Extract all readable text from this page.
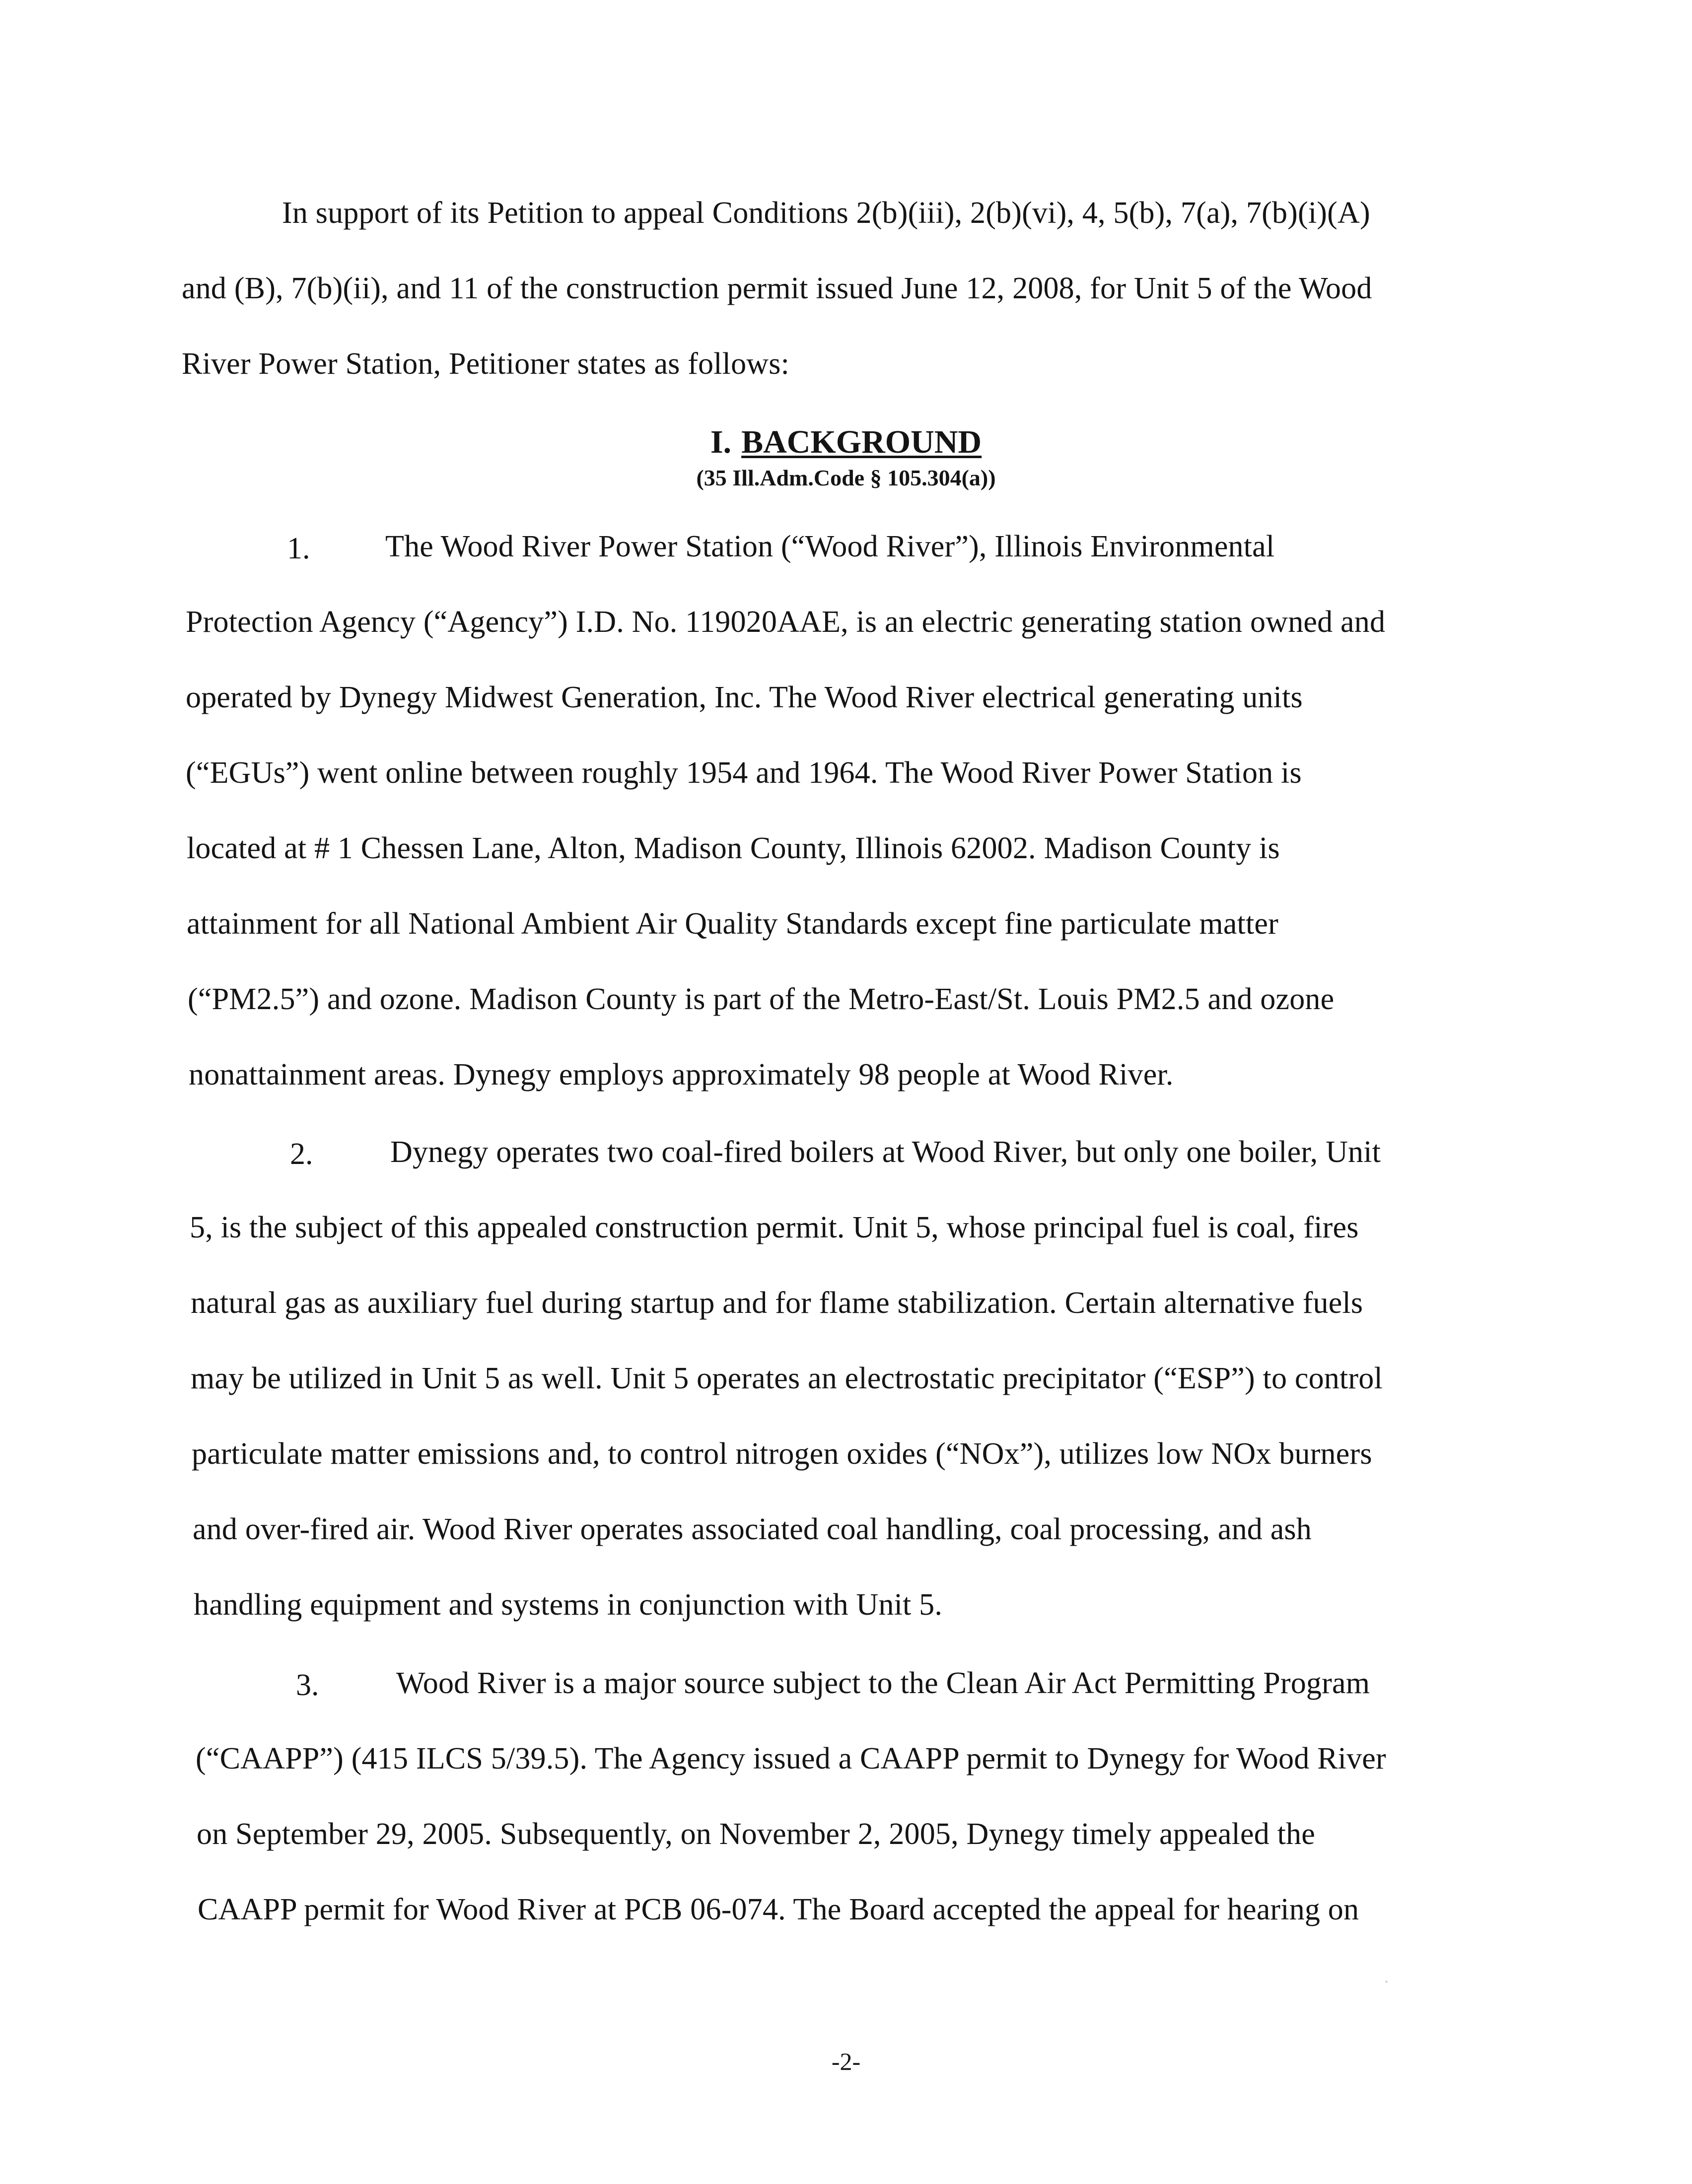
In support of its Petition to appeal Conditions 2(b)(iii), 2(b)(vi), 4, 5(b), 7(a), 7(b)(i)(A)
and (B), 7(b)(ii), and 11 of the construction permit issued June 12, 2008, for Unit 5 of the Wood
River Power Station, Petitioner states as follows:
I. BACKGROUND
(35 Ill.Adm.Code § 105.304(a))
1. The Wood River Power Station (“Wood River”), Illinois Environmental
Protection Agency (“Agency”) I.D. No. 119020AAE, is an electric generating station owned and
operated by Dynegy Midwest Generation, Inc. The Wood River electrical generating units
(“EGUs”) went online between roughly 1954 and 1964. The Wood River Power Station is
located at # 1 Chessen Lane, Alton, Madison County, Illinois 62002. Madison County is
attainment for all National Ambient Air Quality Standards except fine particulate matter
(“PM2.5”) and ozone. Madison County is part of the Metro-East/St. Louis PM2.5 and ozone
nonattainment areas. Dynegy employs approximately 98 people at Wood River.
2.	Dynegy operates two coal-fired boilers at Wood River, but only one boiler, Unit
5, is the subject of this appealed construction permit. Unit 5, whose principal fuel is coal, fires
natural gas as auxiliary fuel during startup and for flame stabilization. Certain alternative fuels
may be utilized in Unit 5 as well. Unit 5 operates an electrostatic precipitator (“ESP”) to control
particulate matter emissions and, to control nitrogen oxides (“NOx”), utilizes low NOx burners
and over-fired air. Wood River operates associated coal handling, coal processing, and ash
handling equipment and systems in conjunction with Unit 5.
3.	Wood River is a major source subject to the Clean Air Act Permitting Program
(“CAAPP”) (415 ILCS 5/39.5). The Agency issued a CAAPP permit to Dynegy for Wood River
on September 29, 2005. Subsequently, on November 2, 2005, Dynegy timely appealed the
CAAPP permit for Wood River at PCB 06-074. The Board accepted the appeal for hearing on
-2-
